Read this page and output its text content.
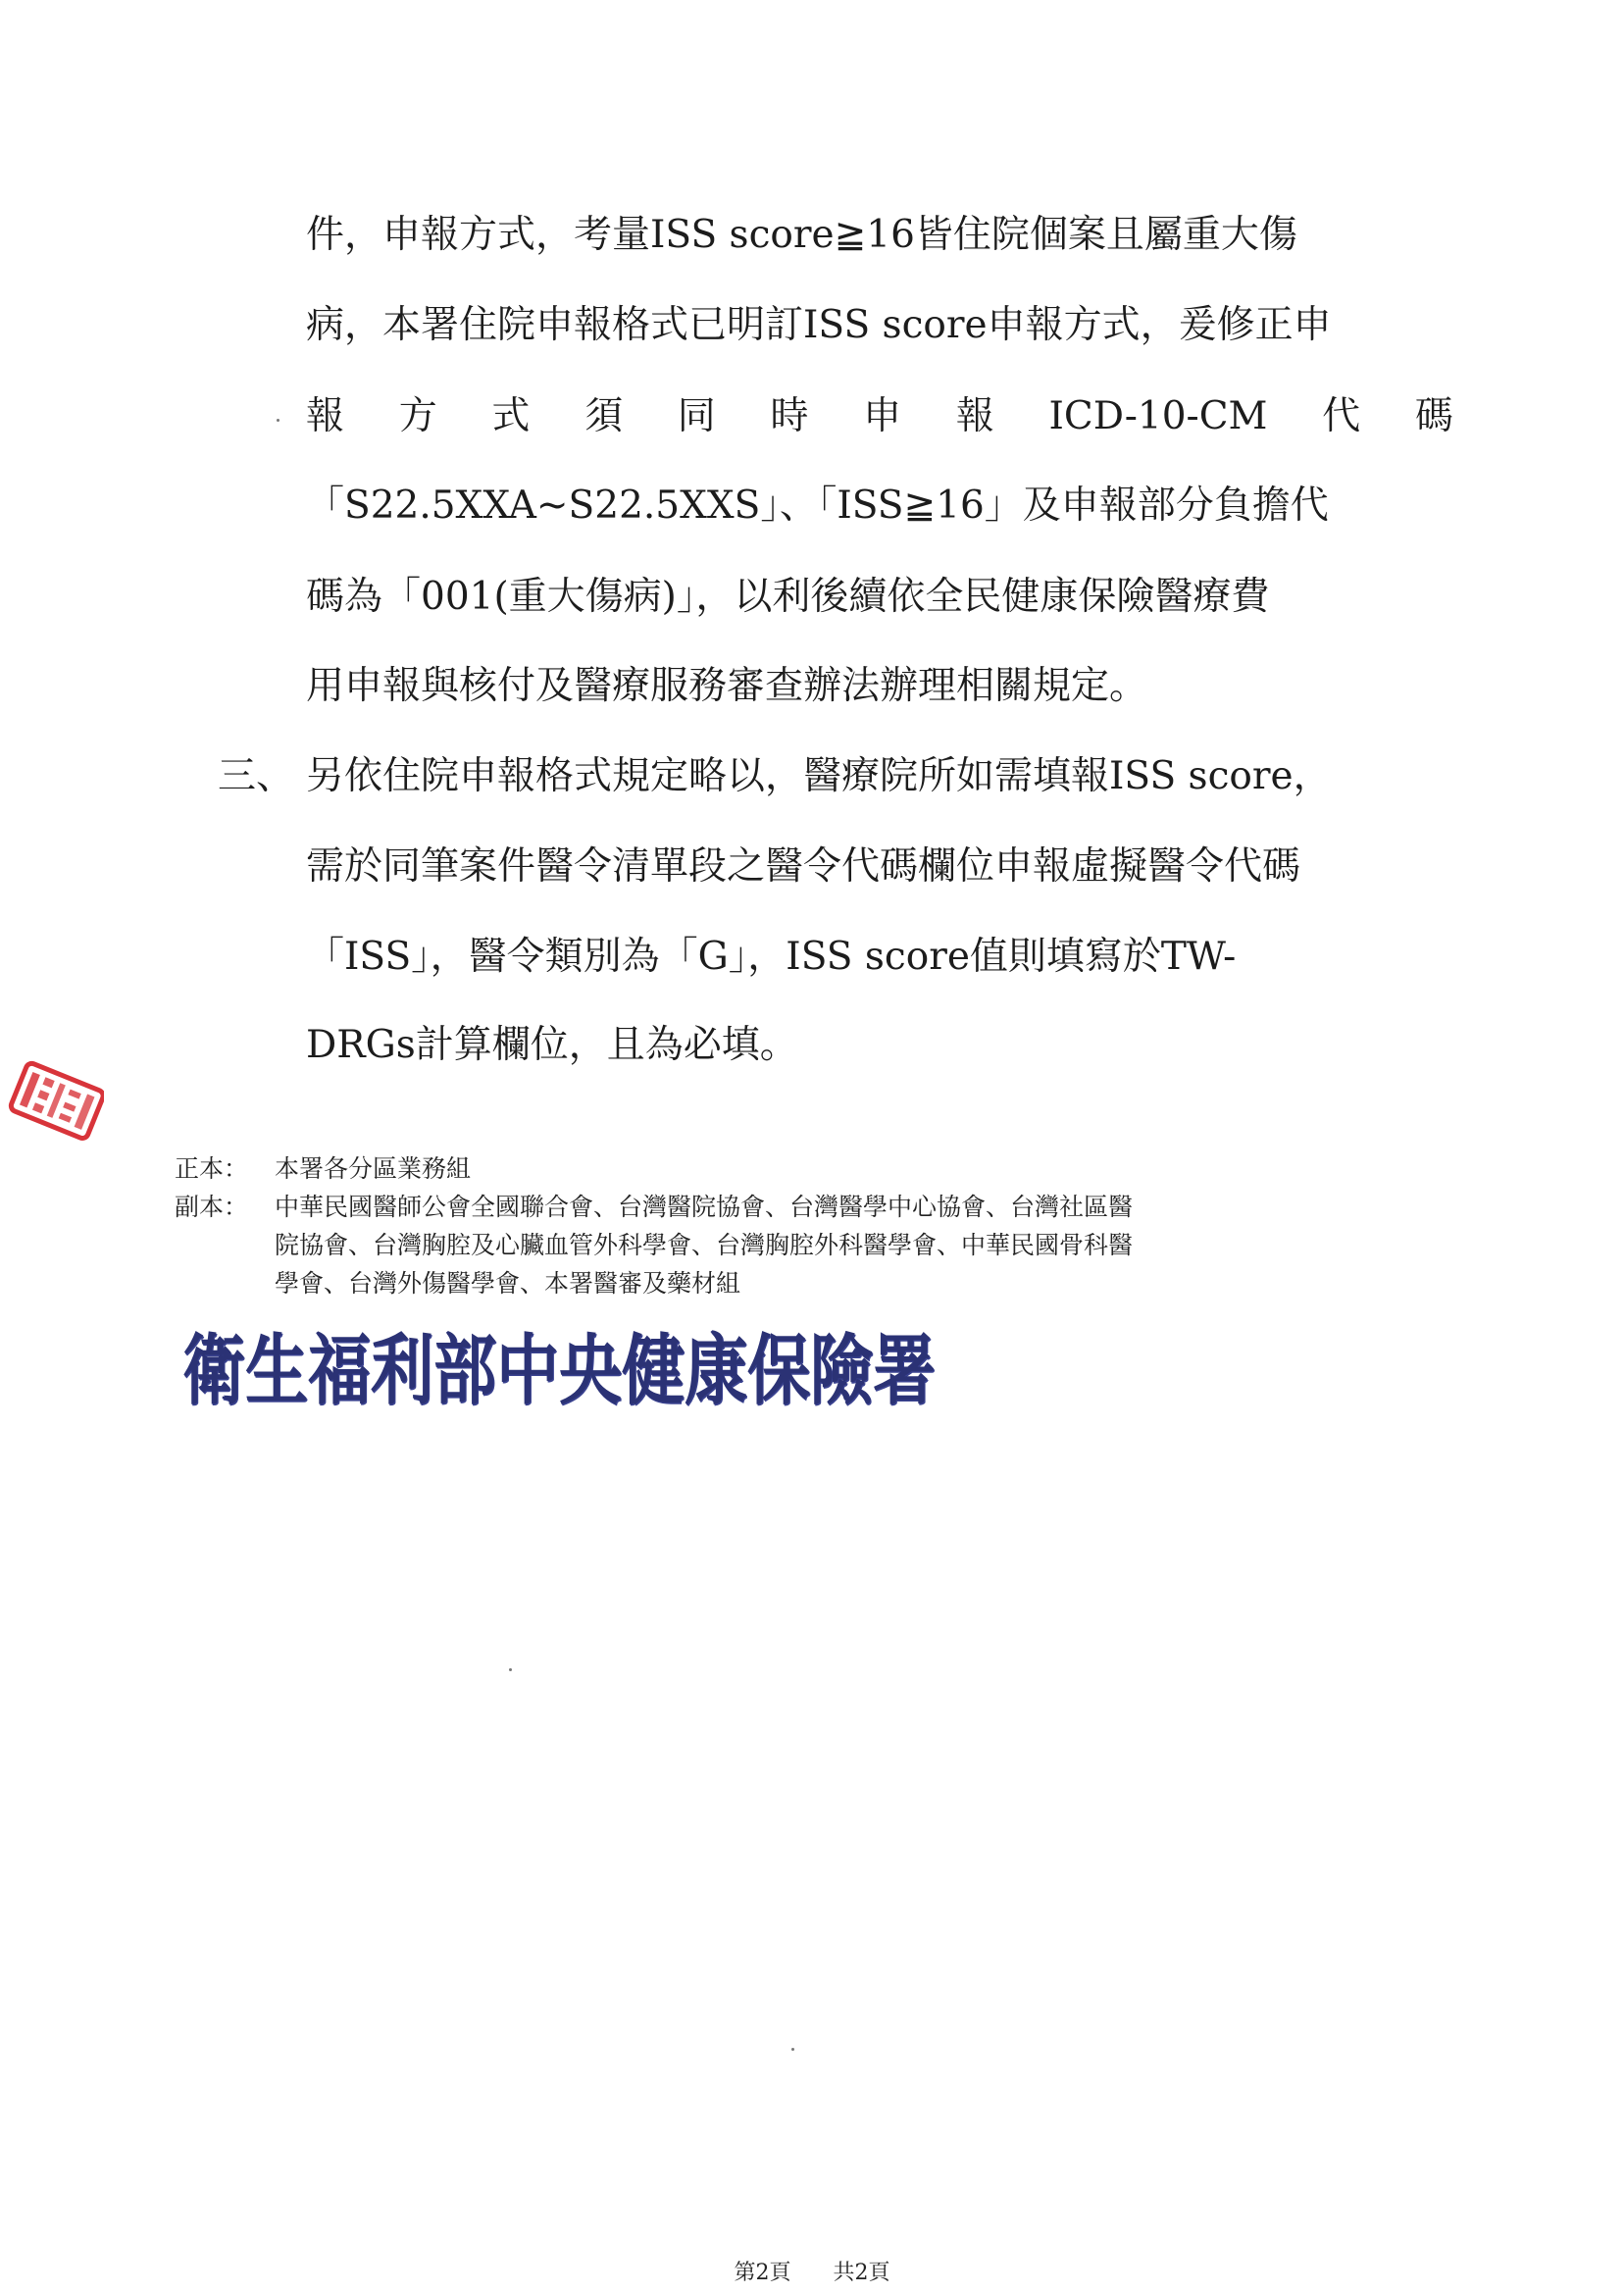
件，申報方式，考量ISS score≧16皆住院個案且屬重大傷
病，本署住院申報格式已明訂ISS score申報方式，爰修正申
報 方 式 須 同 時 申 報 ICD-10-CM 代 碼
「S22.5XXA~S22.5XXS」、「ISS≧16」及申報部分負擔代
碼為「001(重大傷病)」，以利後續依全民健康保險醫療費
用申報與核付及醫療服務審查辦法辦理相關規定。
三、 另依住院申報格式規定略以，醫療院所如需填報ISS score，
需於同筆案件醫令清單段之醫令代碼欄位申報虛擬醫令代碼
「ISS」，醫令類別為「G」，ISS score值則填寫於TW-
DRGs計算欄位，且為必填。
正本： 本署各分區業務組
副本： 中華民國醫師公會全國聯合會、台灣醫院協會、台灣醫學中心協會、台灣社區醫
院協會、台灣胸腔及心臟血管外科學會、台灣胸腔外科醫學會、中華民國骨科醫
學會、台灣外傷醫學會、本署醫審及藥材組
衛生福利部中央健康保險署
第2頁 共2頁
